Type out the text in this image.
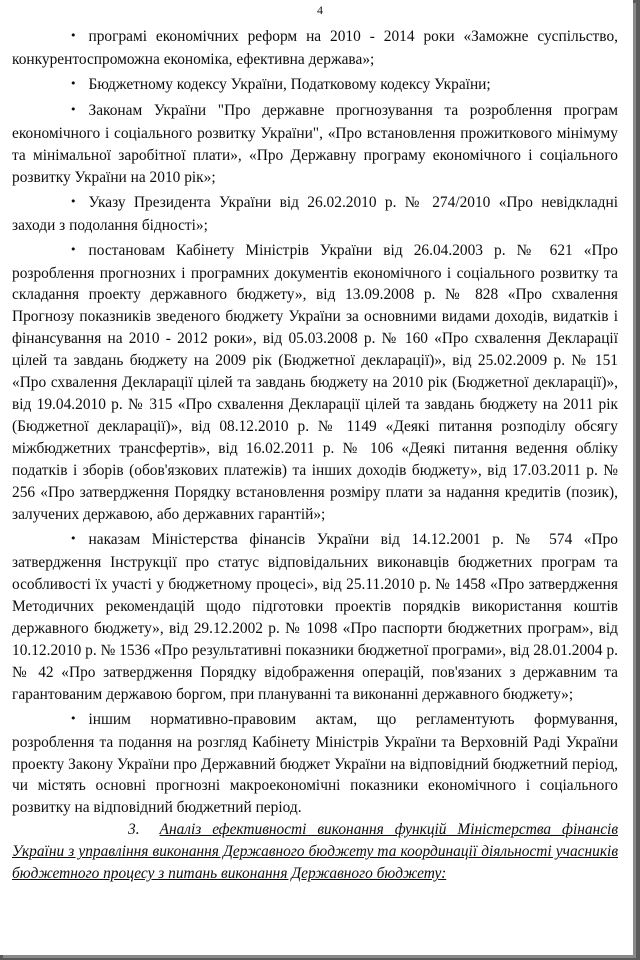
4

• програмі економічних реформ на 2010 - 2014 роки «Заможне суспільство, конкурентоспроможна економіка, ефективна держава»;

• Бюджетному кодексу України, Податковому кодексу України;

• Законам України "Про державне прогнозування та розроблення програм економічного і соціального розвитку України", «Про встановлення прожиткового мінімуму та мінімальної заробітної плати», «Про Державну програму економічного і соціального розвитку України на 2010 рік»;

• Указу Президента України від 26.02.2010 р. № 274/2010 «Про невідкладні заходи з подолання бідності»;

• постановам Кабінету Міністрів України від 26.04.2003 р. № 621 «Про розроблення прогнозних і програмних документів економічного і соціального розвитку та складання проекту державного бюджету», від 13.09.2008 р. № 828 «Про схвалення Прогнозу показників зведеного бюджету України за основними видами доходів, видатків і фінансування на 2010 - 2012 роки», від 05.03.2008 р. № 160 «Про схвалення Декларації цілей та завдань бюджету на 2009 рік (Бюджетної декларації)», від 25.02.2009 р. № 151 «Про схвалення Декларації цілей та завдань бюджету на 2010 рік (Бюджетної декларації)», від 19.04.2010 р. № 315 «Про схвалення Декларації цілей та завдань бюджету на 2011 рік (Бюджетної декларації)», від 08.12.2010 р. № 1149 «Деякі питання розподілу обсягу міжбюджетних трансфертів», від 16.02.2011 р. № 106 «Деякі питання ведення обліку податків і зборів (обов'язкових платежів) та інших доходів бюджету», від 17.03.2011 р. № 256 «Про затвердження Порядку встановлення розміру плати за надання кредитів (позик), залучених державою, або державних гарантій»;

• наказам Міністерства фінансів України від 14.12.2001 р. № 574 «Про затвердження Інструкції про статус відповідальних виконавців бюджетних програм та особливості їх участі у бюджетному процесі», від 25.11.2010 р. № 1458 «Про затвердження Методичних рекомендацій щодо підготовки проектів порядків використання коштів державного бюджету», від 29.12.2002 р. № 1098 «Про паспорти бюджетних програм», від 10.12.2010 р. № 1536 «Про результативні показники бюджетної програми», від 28.01.2004 р. № 42 «Про затвердження Порядку відображення операцій, пов'язаних з державним та гарантованим державою боргом, при плануванні та виконанні державного бюджету»;

• іншим нормативно-правовим актам, що регламентують формування, розроблення та подання на розгляд Кабінету Міністрів України та Верховній Раді України проекту Закону України про Державний бюджет України на відповідний бюджетний період, чи містять основні прогнозні макроекономічні показники економічного і соціального розвитку на відповідний бюджетний період.

3. Аналіз ефективності виконання функцій Міністерства фінансів України з управління виконання Державного бюджету та координації діяльності учасників бюджетного процесу з питань виконання Державного бюджету:
